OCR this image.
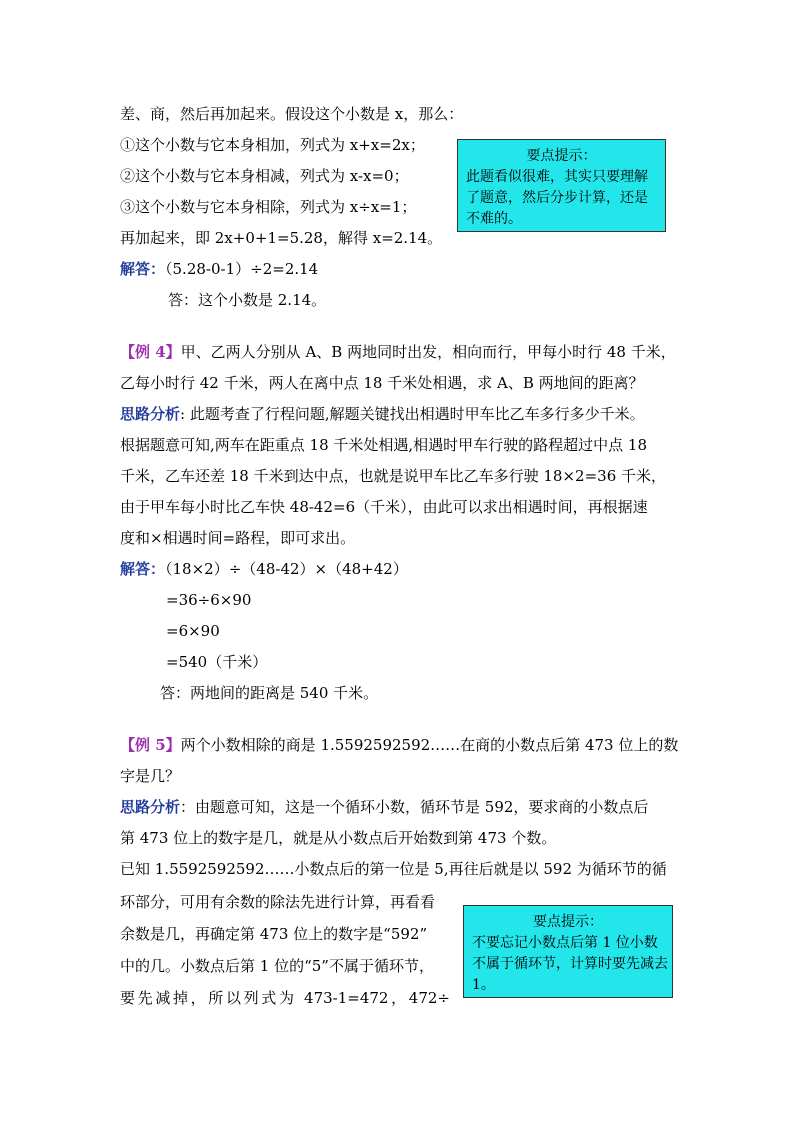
差、商，然后再加起来。假设这个小数是 x，那么：
①这个小数与它本身相加，列式为 x+x=2x；
②这个小数与它本身相减，列式为 x-x=0；
③这个小数与它本身相除，列式为 x÷x=1；
再加起来，即 2x+0+1=5.28，解得 x=2.14。
解答：（5.28-0-1）÷2=2.14
答：这个小数是 2.14。
要点提示：
此题看似很难，其实只要理解了题意，然后分步计算，还是不难的。
【例 4】甲、乙两人分别从 A、B 两地同时出发，相向而行，甲每小时行 48 千米，
乙每小时行 42 千米，两人在离中点 18 千米处相遇，求 A、B 两地间的距离？
思路分析: 此题考查了行程问题,解题关键找出相遇时甲车比乙车多行多少千米。
根据题意可知,两车在距重点 18 千米处相遇,相遇时甲车行驶的路程超过中点 18
千米，乙车还差 18 千米到达中点，也就是说甲车比乙车多行驶 18×2=36 千米，
由于甲车每小时比乙车快 48-42=6（千米），由此可以求出相遇时间，再根据速
度和×相遇时间=路程，即可求出。
解答：（18×2）÷（48-42）×（48+42）
=36÷6×90
=6×90
=540（千米）
答：两地间的距离是 540 千米。
【例 5】两个小数相除的商是 1.5592592592……在商的小数点后第 473 位上的数
字是几？
思路分析：由题意可知，这是一个循环小数，循环节是 592，要求商的小数点后
第 473 位上的数字是几，就是从小数点后开始数到第 473 个数。
已知 1.5592592592……小数点后的第一位是 5,再往后就是以 592 为循环节的循
环部分，可用有余数的除法先进行计算，再看看
余数是几，再确定第 473 位上的数字是“592”
中的几。小数点后第 1 位的“5”不属于循环节，
要先减掉，所以列式为 473-1=472，472÷
要点提示：
不要忘记小数点后第 1 位小数不属于循环节，计算时要先减去 1。
